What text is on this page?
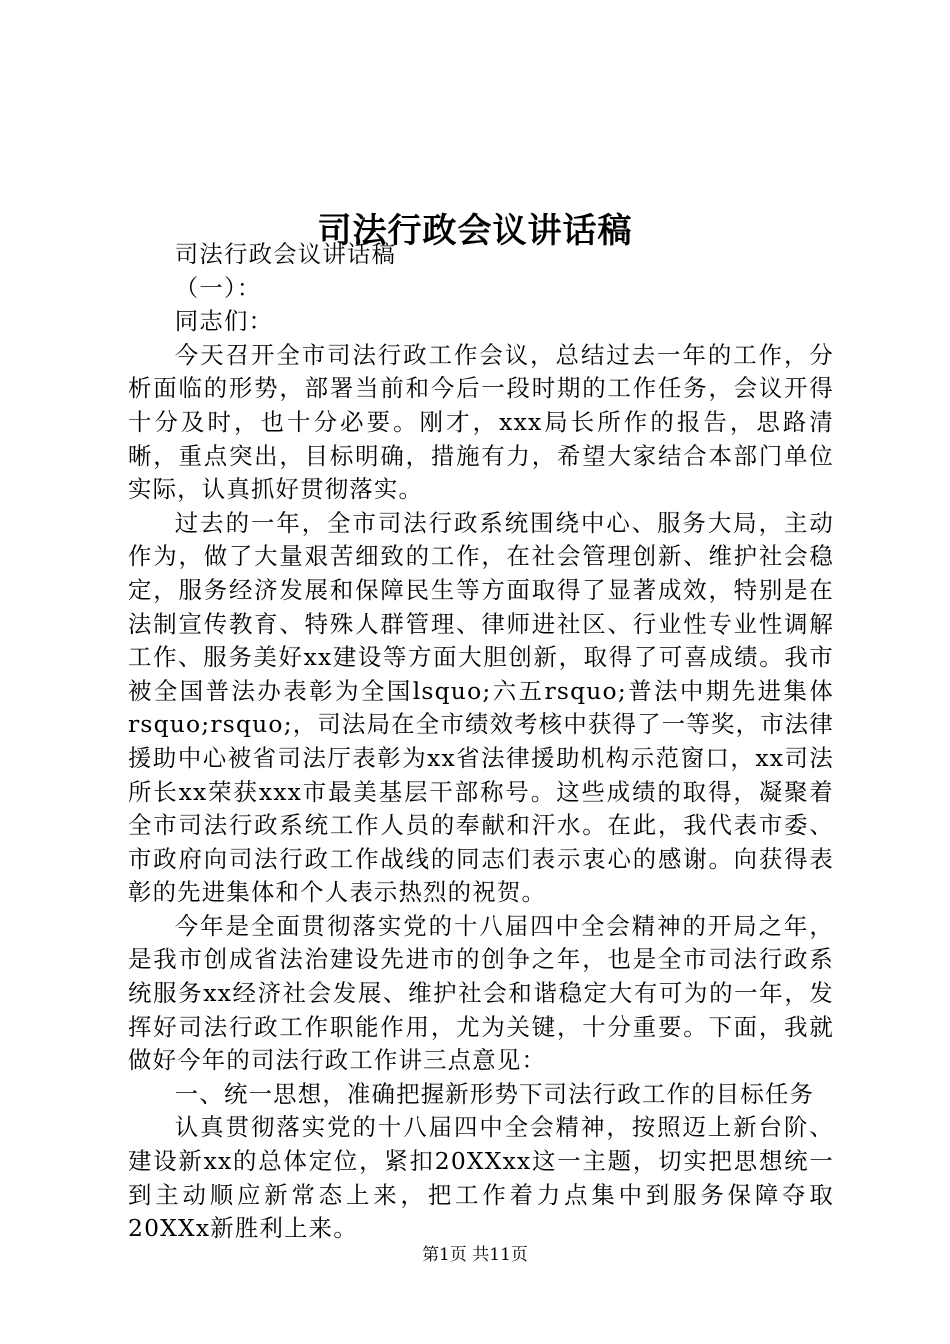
司法行政会议讲话稿

司法行政会议讲话稿

（一）：

同志们：

今天召开全市司法行政工作会议，总结过去一年的工作，分析面临的形势，部署当前和今后一段时期的工作任务，会议开得十分及时，也十分必要。刚才，xxx局长所作的报告，思路清晰，重点突出，目标明确，措施有力，希望大家结合本部门单位实际，认真抓好贯彻落实。

过去的一年，全市司法行政系统围绕中心、服务大局，主动作为，做了大量艰苦细致的工作，在社会管理创新、维护社会稳定，服务经济发展和保障民生等方面取得了显著成效，特别是在法制宣传教育、特殊人群管理、律师进社区、行业性专业性调解工作、服务美好xx建设等方面大胆创新，取得了可喜成绩。我市被全国普法办表彰为全国lsquo;六五rsquo;普法中期先进集体rsquo;rsquo;，司法局在全市绩效考核中获得了一等奖，市法律援助中心被省司法厅表彰为xx省法律援助机构示范窗口，xx司法所长xx荣获xxx市最美基层干部称号。这些成绩的取得，凝聚着全市司法行政系统工作人员的奉献和汗水。在此，我代表市委、市政府向司法行政工作战线的同志们表示衷心的感谢。向获得表彰的先进集体和个人表示热烈的祝贺。

今年是全面贯彻落实党的十八届四中全会精神的开局之年，是我市创成省法治建设先进市的创争之年，也是全市司法行政系统服务xx经济社会发展、维护社会和谐稳定大有可为的一年，发挥好司法行政工作职能作用，尤为关键，十分重要。下面，我就做好今年的司法行政工作讲三点意见：

一、统一思想，准确把握新形势下司法行政工作的目标任务

认真贯彻落实党的十八届四中全会精神，按照迈上新台阶、建设新xx的总体定位，紧扣20XXxx这一主题，切实把思想统一到主动顺应新常态上来，把工作着力点集中到服务保障夺取20XXx新胜利上来。

第1页 共11页
